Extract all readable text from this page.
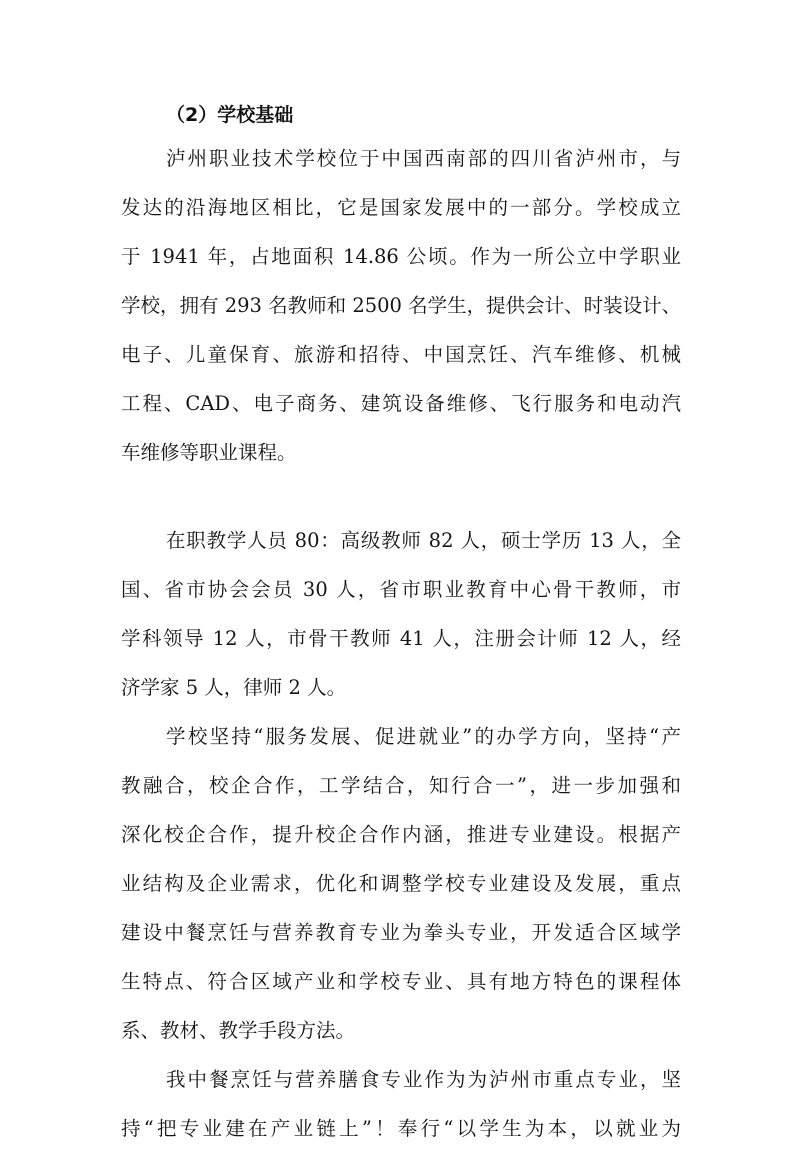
（2）学校基础
泸州职业技术学校位于中国西南部的四川省泸州市，与
发达的沿海地区相比，它是国家发展中的一部分。学校成立
于 1941 年，占地面积 14.86 公顷。作为一所公立中学职业
学校，拥有 293 名教师和 2500 名学生，提供会计、时装设计、
电子、儿童保育、旅游和招待、中国烹饪、汽车维修、机械
工程、CAD、电子商务、建筑设备维修、飞行服务和电动汽
车维修等职业课程。
在职教学人员 80：高级教师 82 人，硕士学历 13 人，全
国、省市协会会员 30 人，省市职业教育中心骨干教师，市
学科领导 12 人，市骨干教师 41 人，注册会计师 12 人，经
济学家 5 人，律师 2 人。
学校坚持“服务发展、促进就业”的办学方向，坚持“产
教融合，校企合作，工学结合，知行合一”，进一步加强和
深化校企合作，提升校企合作内涵，推进专业建设。根据产
业结构及企业需求，优化和调整学校专业建设及发展，重点
建设中餐烹饪与营养教育专业为拳头专业，开发适合区域学
生特点、符合区域产业和学校专业、具有地方特色的课程体
系、教材、教学手段方法。
我中餐烹饪与营养膳食专业作为为泸州市重点专业，坚
持“把专业建在产业链上”！奉行“以学生为本，以就业为
